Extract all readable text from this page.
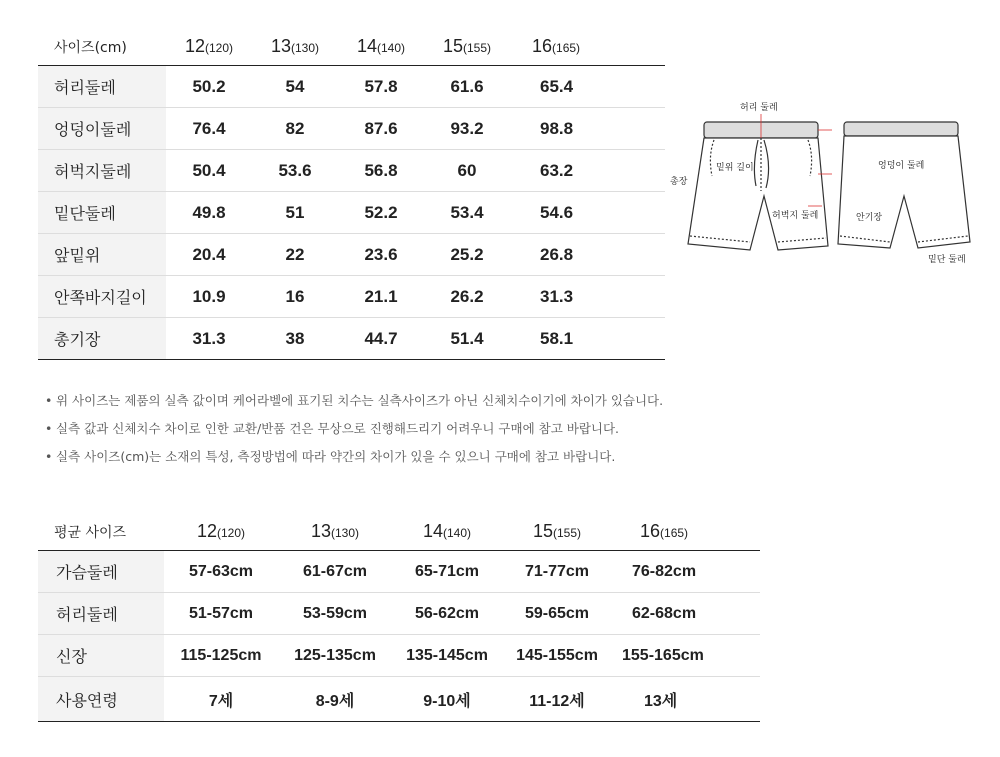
사이즈(cm)	12(120)	13(130)	14(140)	15(155)	16(165)
허리둘레	50.2	54	57.8	61.6	65.4
엉덩이둘레	76.4	82	87.6	93.2	98.8
허벅지둘레	50.4	53.6	56.8	60	63.2
밑단둘레	49.8	51	52.2	53.4	54.6
앞밑위	20.4	22	23.6	25.2	26.8
안쪽바지길이	10.9	16	21.1	26.2	31.3
총기장	31.3	38	44.7	51.4	58.1
허리 둘레
총장
밑위 길이
허벅지 둘레
엉덩이 둘레
안기장
밑단 둘레
• 위 사이즈는 제품의 실측 값이며 케어라벨에 표기된 치수는 실측사이즈가 아닌 신체치수이기에 차이가 있습니다.
• 실측 값과 신체치수 차이로 인한 교환/반품 건은 무상으로 진행해드리기 어려우니 구매에 참고 바랍니다.
• 실측 사이즈(cm)는 소재의 특성, 측정방법에 따라 약간의 차이가 있을 수 있으니 구매에 참고 바랍니다.
평균 사이즈	12(120)	13(130)	14(140)	15(155)	16(165)
가슴둘레	57-63cm	61-67cm	65-71cm	71-77cm	76-82cm
허리둘레	51-57cm	53-59cm	56-62cm	59-65cm	62-68cm
신장	115-125cm	125-135cm	135-145cm	145-155cm	155-165cm
사용연령	7세	8-9세	9-10세	11-12세	13세
